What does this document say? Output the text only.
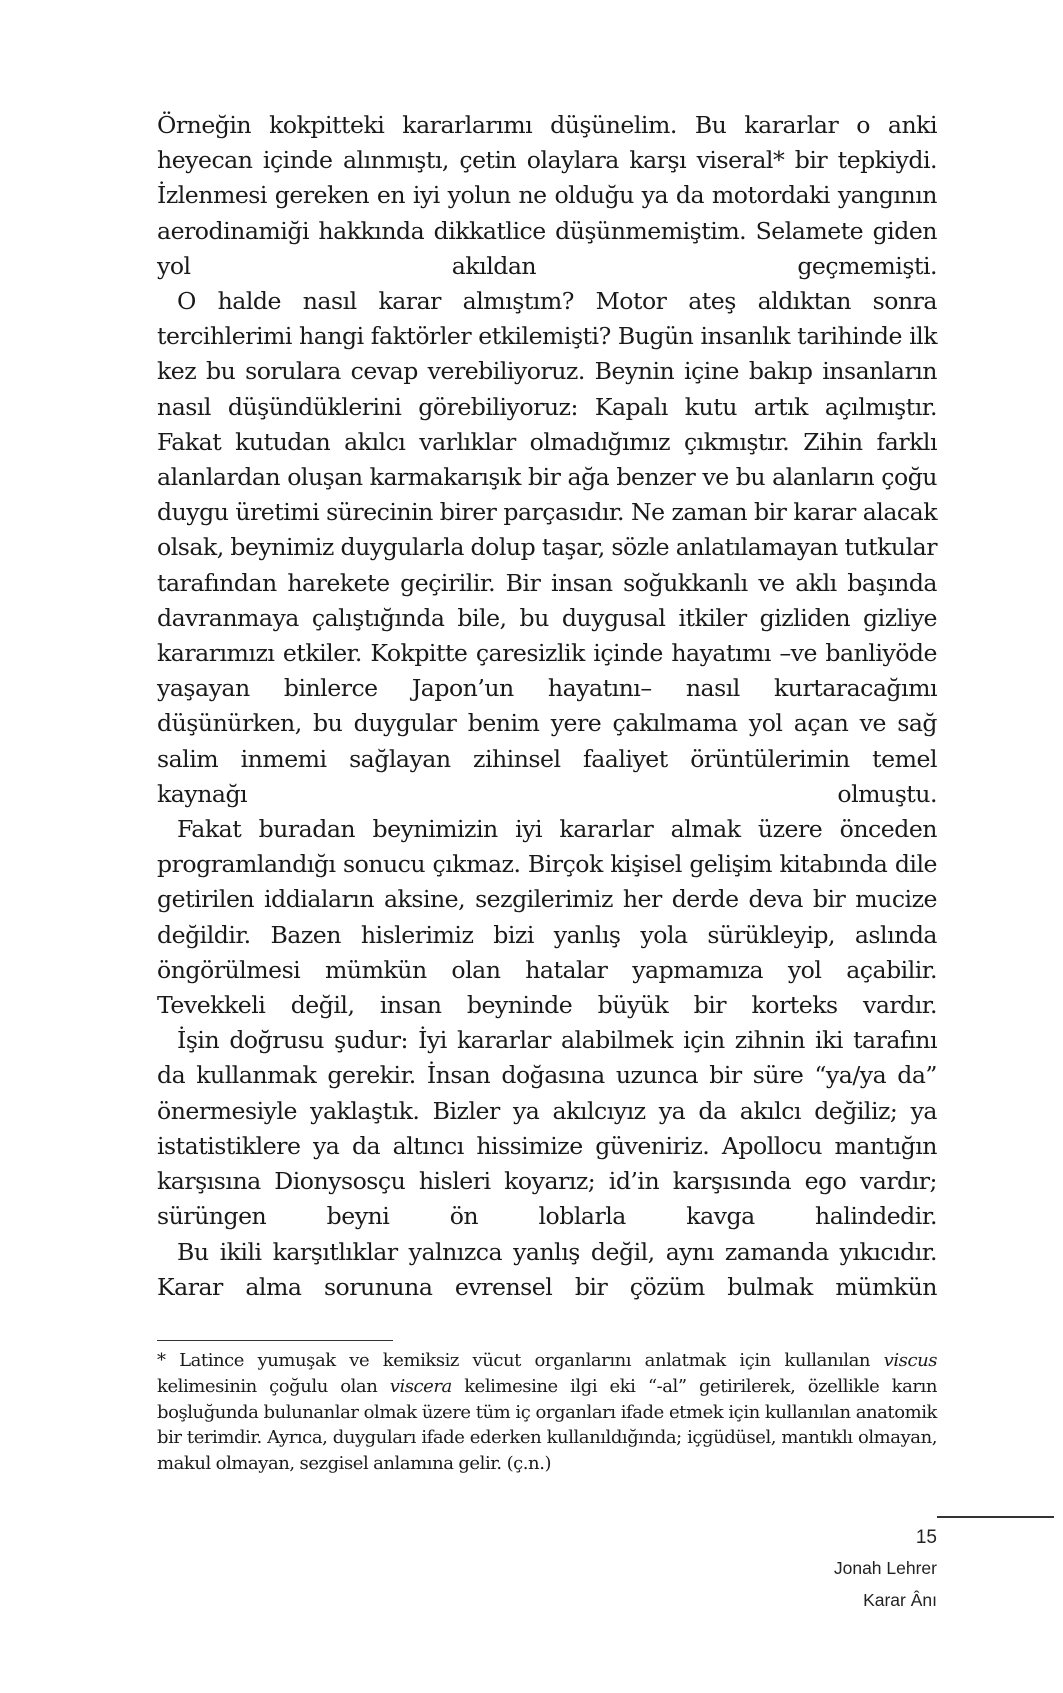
Örneğin kokpitteki kararlarımı düşünelim. Bu kararlar o anki heyecan içinde alınmıştı, çetin olaylara karşı viseral* bir tepkiydi. İzlenmesi gereken en iyi yolun ne olduğu ya da motordaki yangının aerodinamiği hakkında dikkatlice düşünmemiştim. Selamete giden yol akıldan geçmemişti.

O halde nasıl karar almıştım? Motor ateş aldıktan sonra tercihlerimi hangi faktörler etkilemişti? Bugün insanlık tarihinde ilk kez bu sorulara cevap verebiliyoruz. Beynin içine bakıp insanların nasıl düşündüklerini görebiliyoruz: Kapalı kutu artık açılmıştır. Fakat kutudan akılcı varlıklar olmadığımız çıkmıştır. Zihin farklı alanlardan oluşan karmakarışık bir ağa benzer ve bu alanların çoğu duygu üretimi sürecinin birer parçasıdır. Ne zaman bir karar alacak olsak, beynimiz duygularla dolup taşar, sözle anlatılamayan tutkular tarafından harekete geçirilir. Bir insan soğukkanlı ve aklı başında davranmaya çalıştığında bile, bu duygusal itkiler gizliden gizliye kararımızı etkiler. Kokpitte çaresizlik içinde hayatımı –ve banliyöde yaşayan binlerce Japon’un hayatını– nasıl kurtaracağımı düşünürken, bu duygular benim yere çakılmama yol açan ve sağ salim inmemi sağlayan zihinsel faaliyet örüntülerimin temel kaynağı olmuştu.

Fakat buradan beynimizin iyi kararlar almak üzere önceden programlandığı sonucu çıkmaz. Birçok kişisel gelişim kitabında dile getirilen iddiaların aksine, sezgilerimiz her derde deva bir mucize değildir. Bazen hislerimiz bizi yanlış yola sürükleyip, aslında öngörülmesi mümkün olan hatalar yapmamıza yol açabilir. Tevekkeli değil, insan beyninde büyük bir korteks vardır.

İşin doğrusu şudur: İyi kararlar alabilmek için zihnin iki tarafını da kullanmak gerekir. İnsan doğasına uzunca bir süre “ya/ya da” önermesiyle yaklaştık. Bizler ya akılcıyız ya da akılcı değiliz; ya istatistiklere ya da altıncı hissimize güveniriz. Apollocu mantığın karşısına Dionysosçu hisleri koyarız; id’in karşısında ego vardır; sürüngen beyni ön loblarla kavga halindedir.

Bu ikili karşıtlıklar yalnızca yanlış değil, aynı zamanda yıkıcıdır. Karar alma sorununa evrensel bir çözüm bulmak mümkün

* Latince yumuşak ve kemiksiz vücut organlarını anlatmak için kullanılan viscus kelimesinin çoğulu olan viscera kelimesine ilgi eki “-al” getirilerek, özellikle karın boşluğunda bulunanlar olmak üzere tüm iç organları ifade etmek için kullanılan anatomik bir terimdir. Ayrıca, duyguları ifade ederken kullanıldığında; içgüdüsel, mantıklı olmayan, makul olmayan, sezgisel anlamına gelir. (ç.n.)

15
Jonah Lehrer
Karar Ânı
